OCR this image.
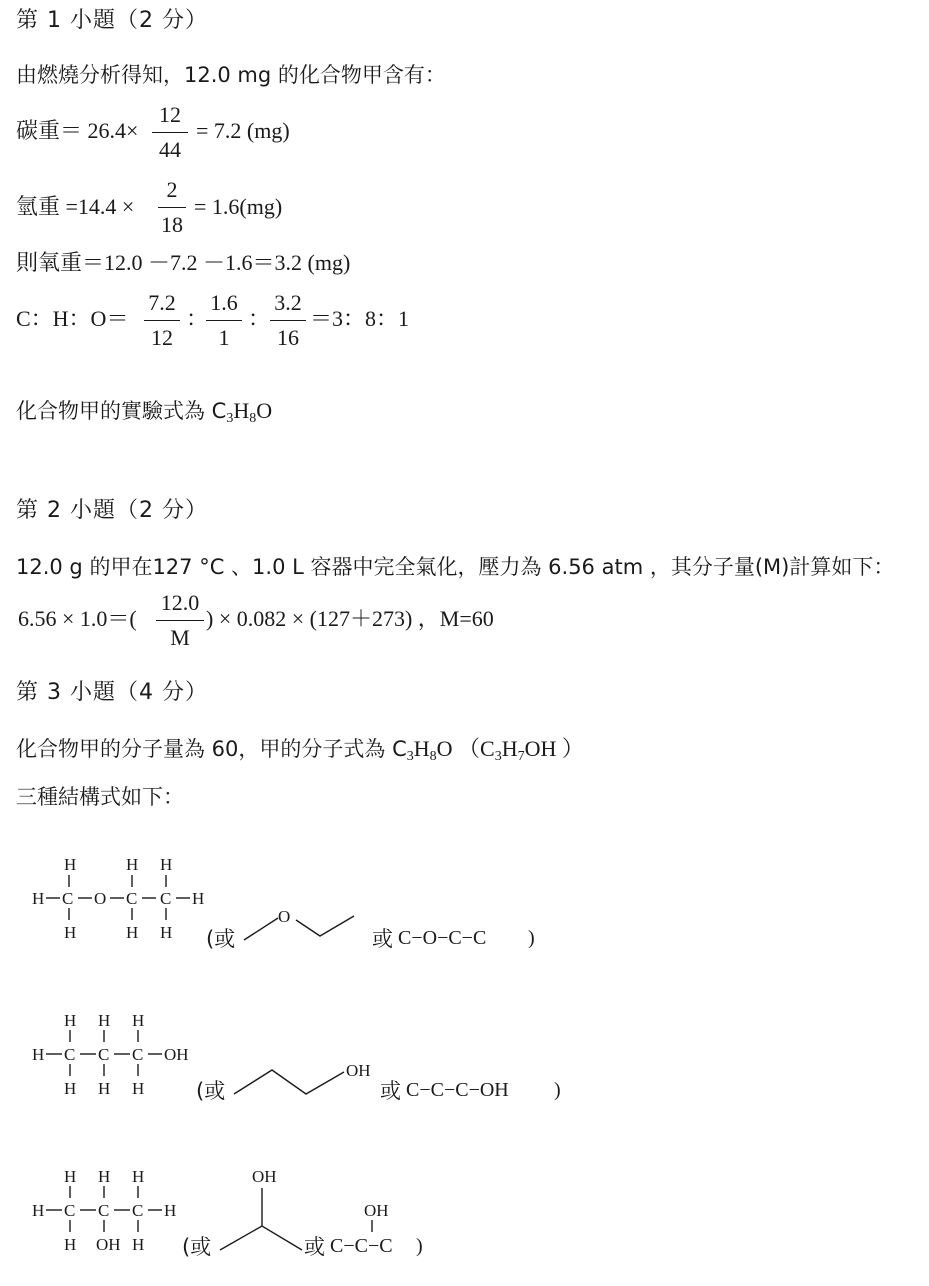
第 1 小題（2 分）
由燃燒分析得知，12.0 mg 的化合物甲含有：
碳重＝ 26.4×
12
44
= 7.2 (mg)
氫重 =14.4 ×
2
18
= 1.6(mg)
則氧重＝12.0 －7.2 －1.6＝3.2 (mg)
C：H：O＝
7.2
12
：
1.6
1
：
3.2
16
＝3：8：1
化合物甲的實驗式為 $C_3H_8O$
第 2 小題（2 分）
12.0 g 的甲在127 °C 、1.0 L 容器中完全氣化，壓力為 6.56 atm ，其分子量(M)計算如下：
6.56 × 1.0＝(
12.0
M
) × 0.082 × (127＋273) ，M=60
第 3 小題（4 分）
化合物甲的分子量為 60，甲的分子式為 $C_3H_8O$ （$C_3H_7OH$ ）
三種結構式如下：
H	H H
H C O C C H
H	H H (或
O
或 C−O−C−C )
H H H
H C C C OH
H H H (或
OH
或 C−C−C−OH )
H H H
H C C C H
H OH H (或
OH
或
OH
C−C−C )
